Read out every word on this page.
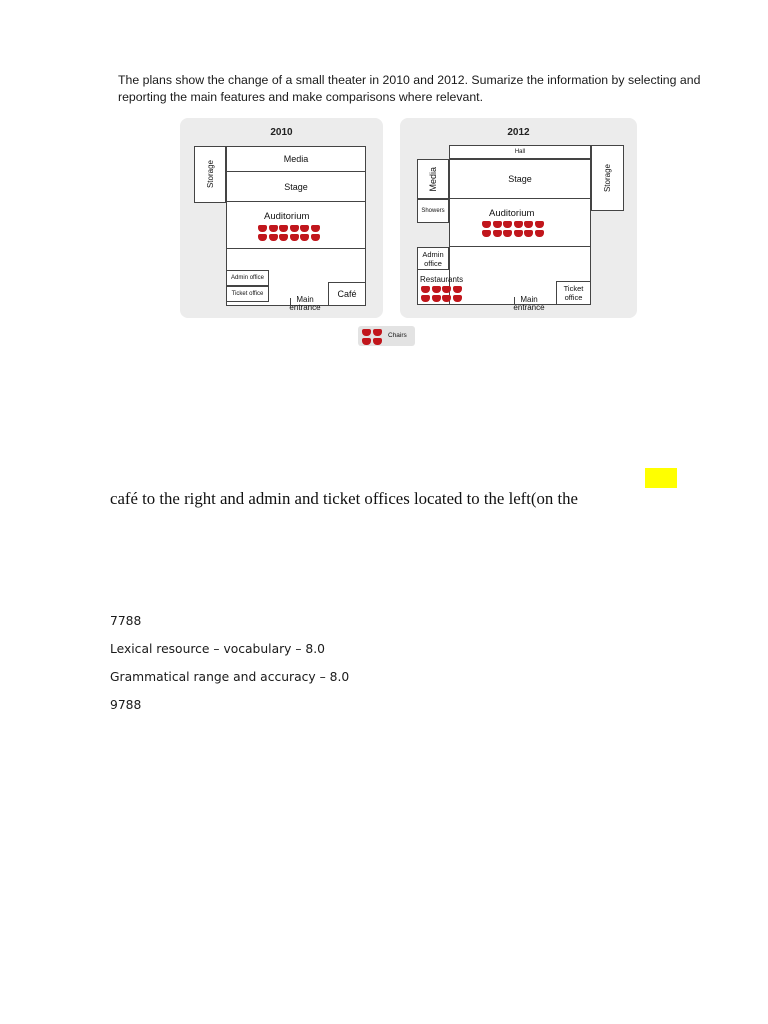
The plans show the change of a small theater in 2010 and 2012. Sumarize the information by selecting and reporting the main features and make comparisons where relevant.
2010
Storage
Media
Stage
Auditorium
Admin office
Ticket office	Café
Main entrance
2012
Hall
Media	Stage	Storage
Showers	Auditorium
Admin office
Restaurants
Ticket office
Main entrance
Chairs
café to the right and admin and ticket offices located to the left(on the
7788
Lexical resource – vocabulary – 8.0
Grammatical range and accuracy – 8.0
9788
